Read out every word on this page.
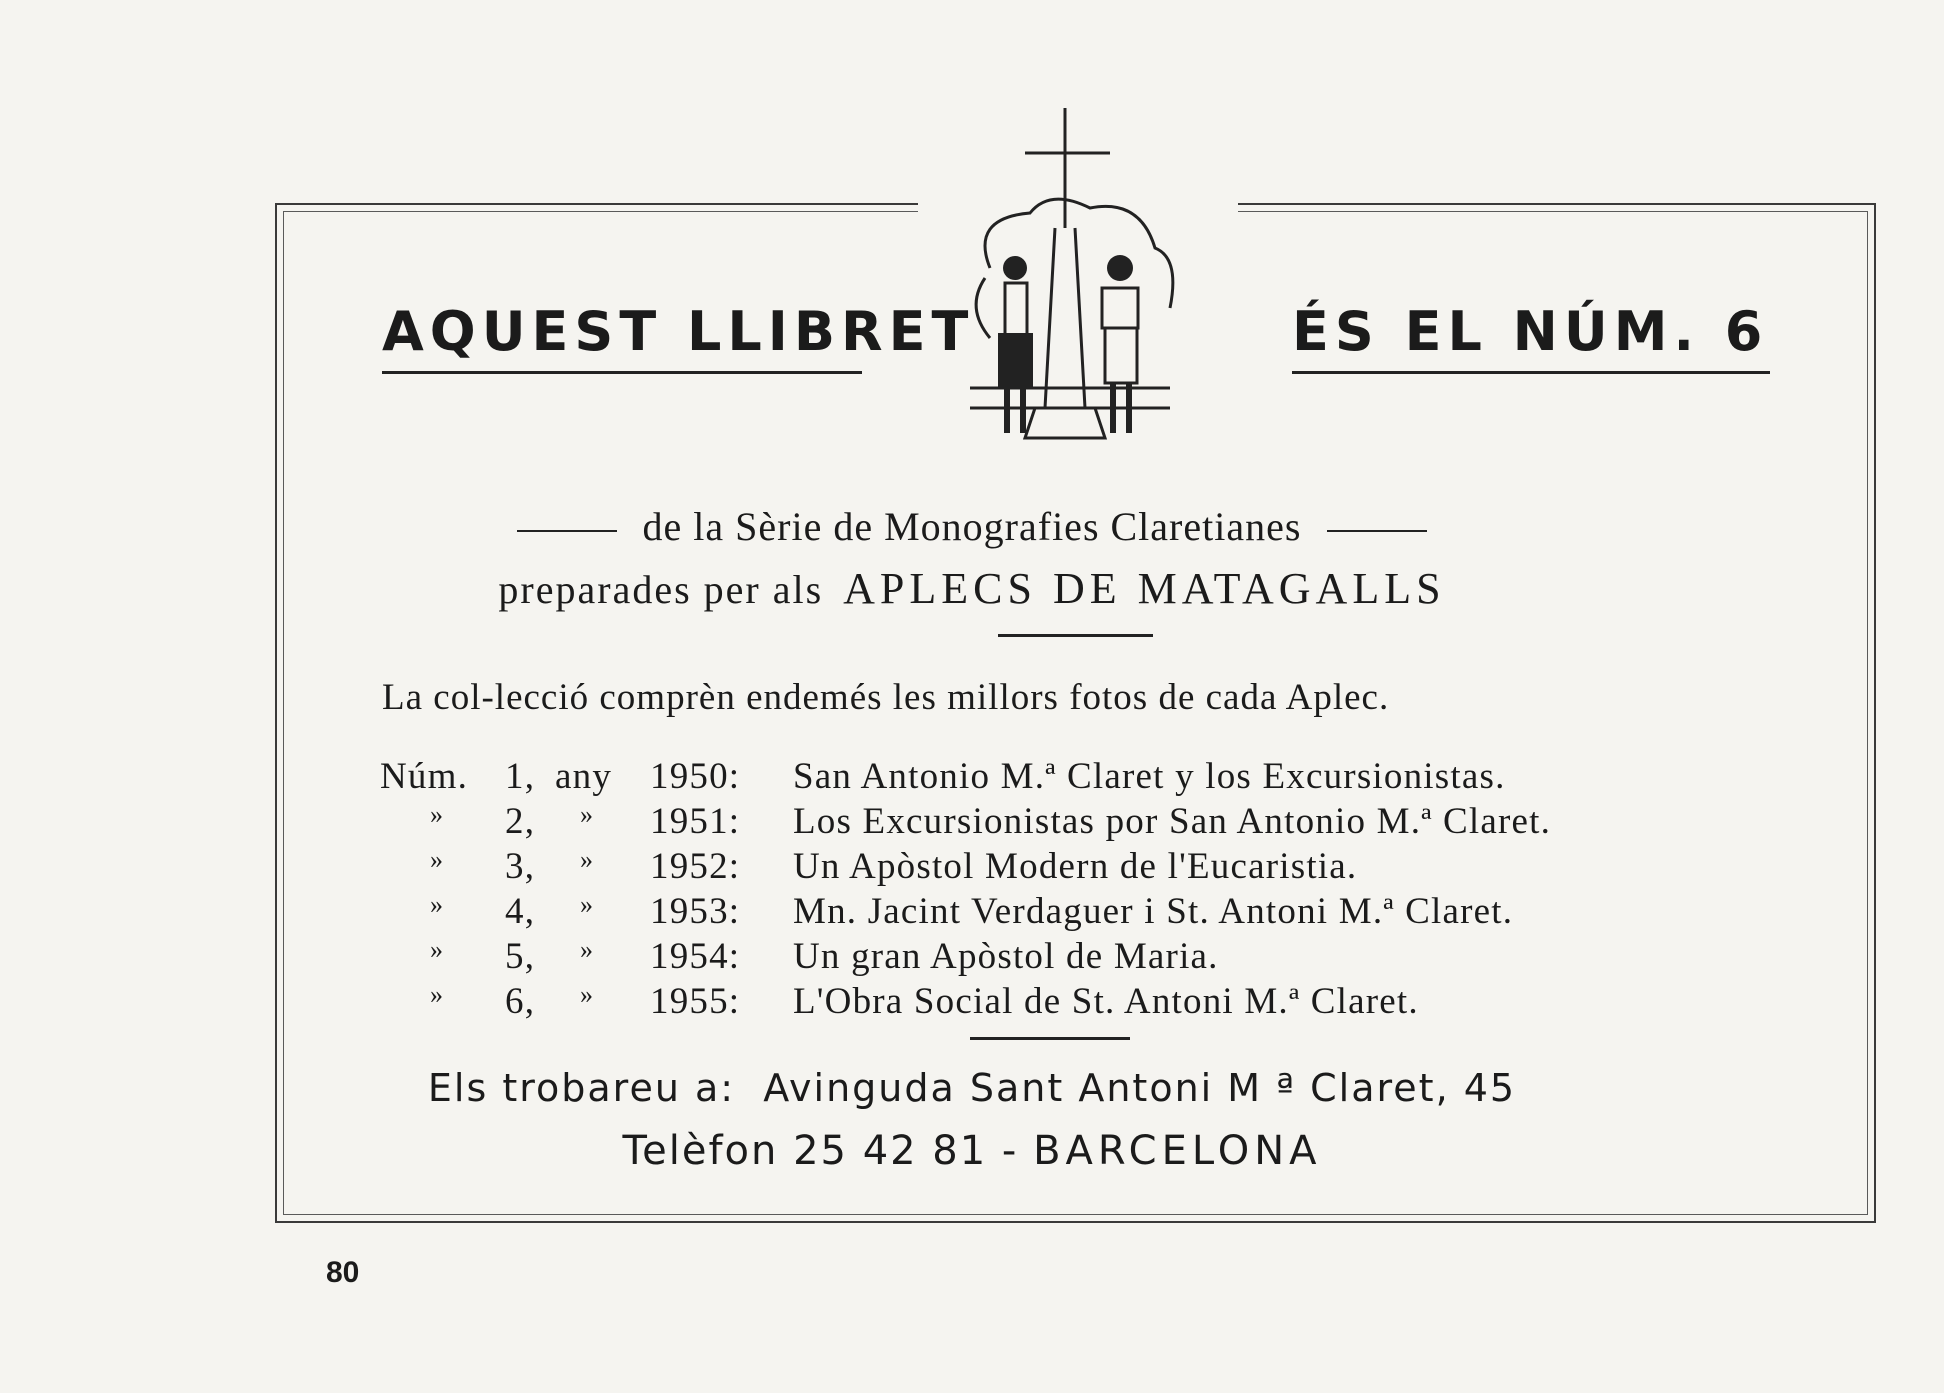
AQUEST LLIBRET	ÉS EL NÚM. 6
de la Sèrie de Monografies Claretianes
preparades per als APLECS DE MATAGALLS
La col-lecció comprèn endemés les millors fotos de cada Aplec.
Núm. 1, any 1950: San Antonio M.ª Claret y los Excursionistas.
» 2, » 1951: Los Excursionistas por San Antonio M.ª Claret.
» 3, » 1952: Un Apòstol Modern de l'Eucaristia.
» 4, » 1953: Mn. Jacint Verdaguer i St. Antoni M.ª Claret.
» 5, » 1954: Un gran Apòstol de Maria.
» 6, » 1955: L'Obra Social de St. Antoni M.ª Claret.
Els trobareu a: Avinguda Sant Antoni M ª Claret, 45
Telèfon 25 42 81 - BARCELONA
80
